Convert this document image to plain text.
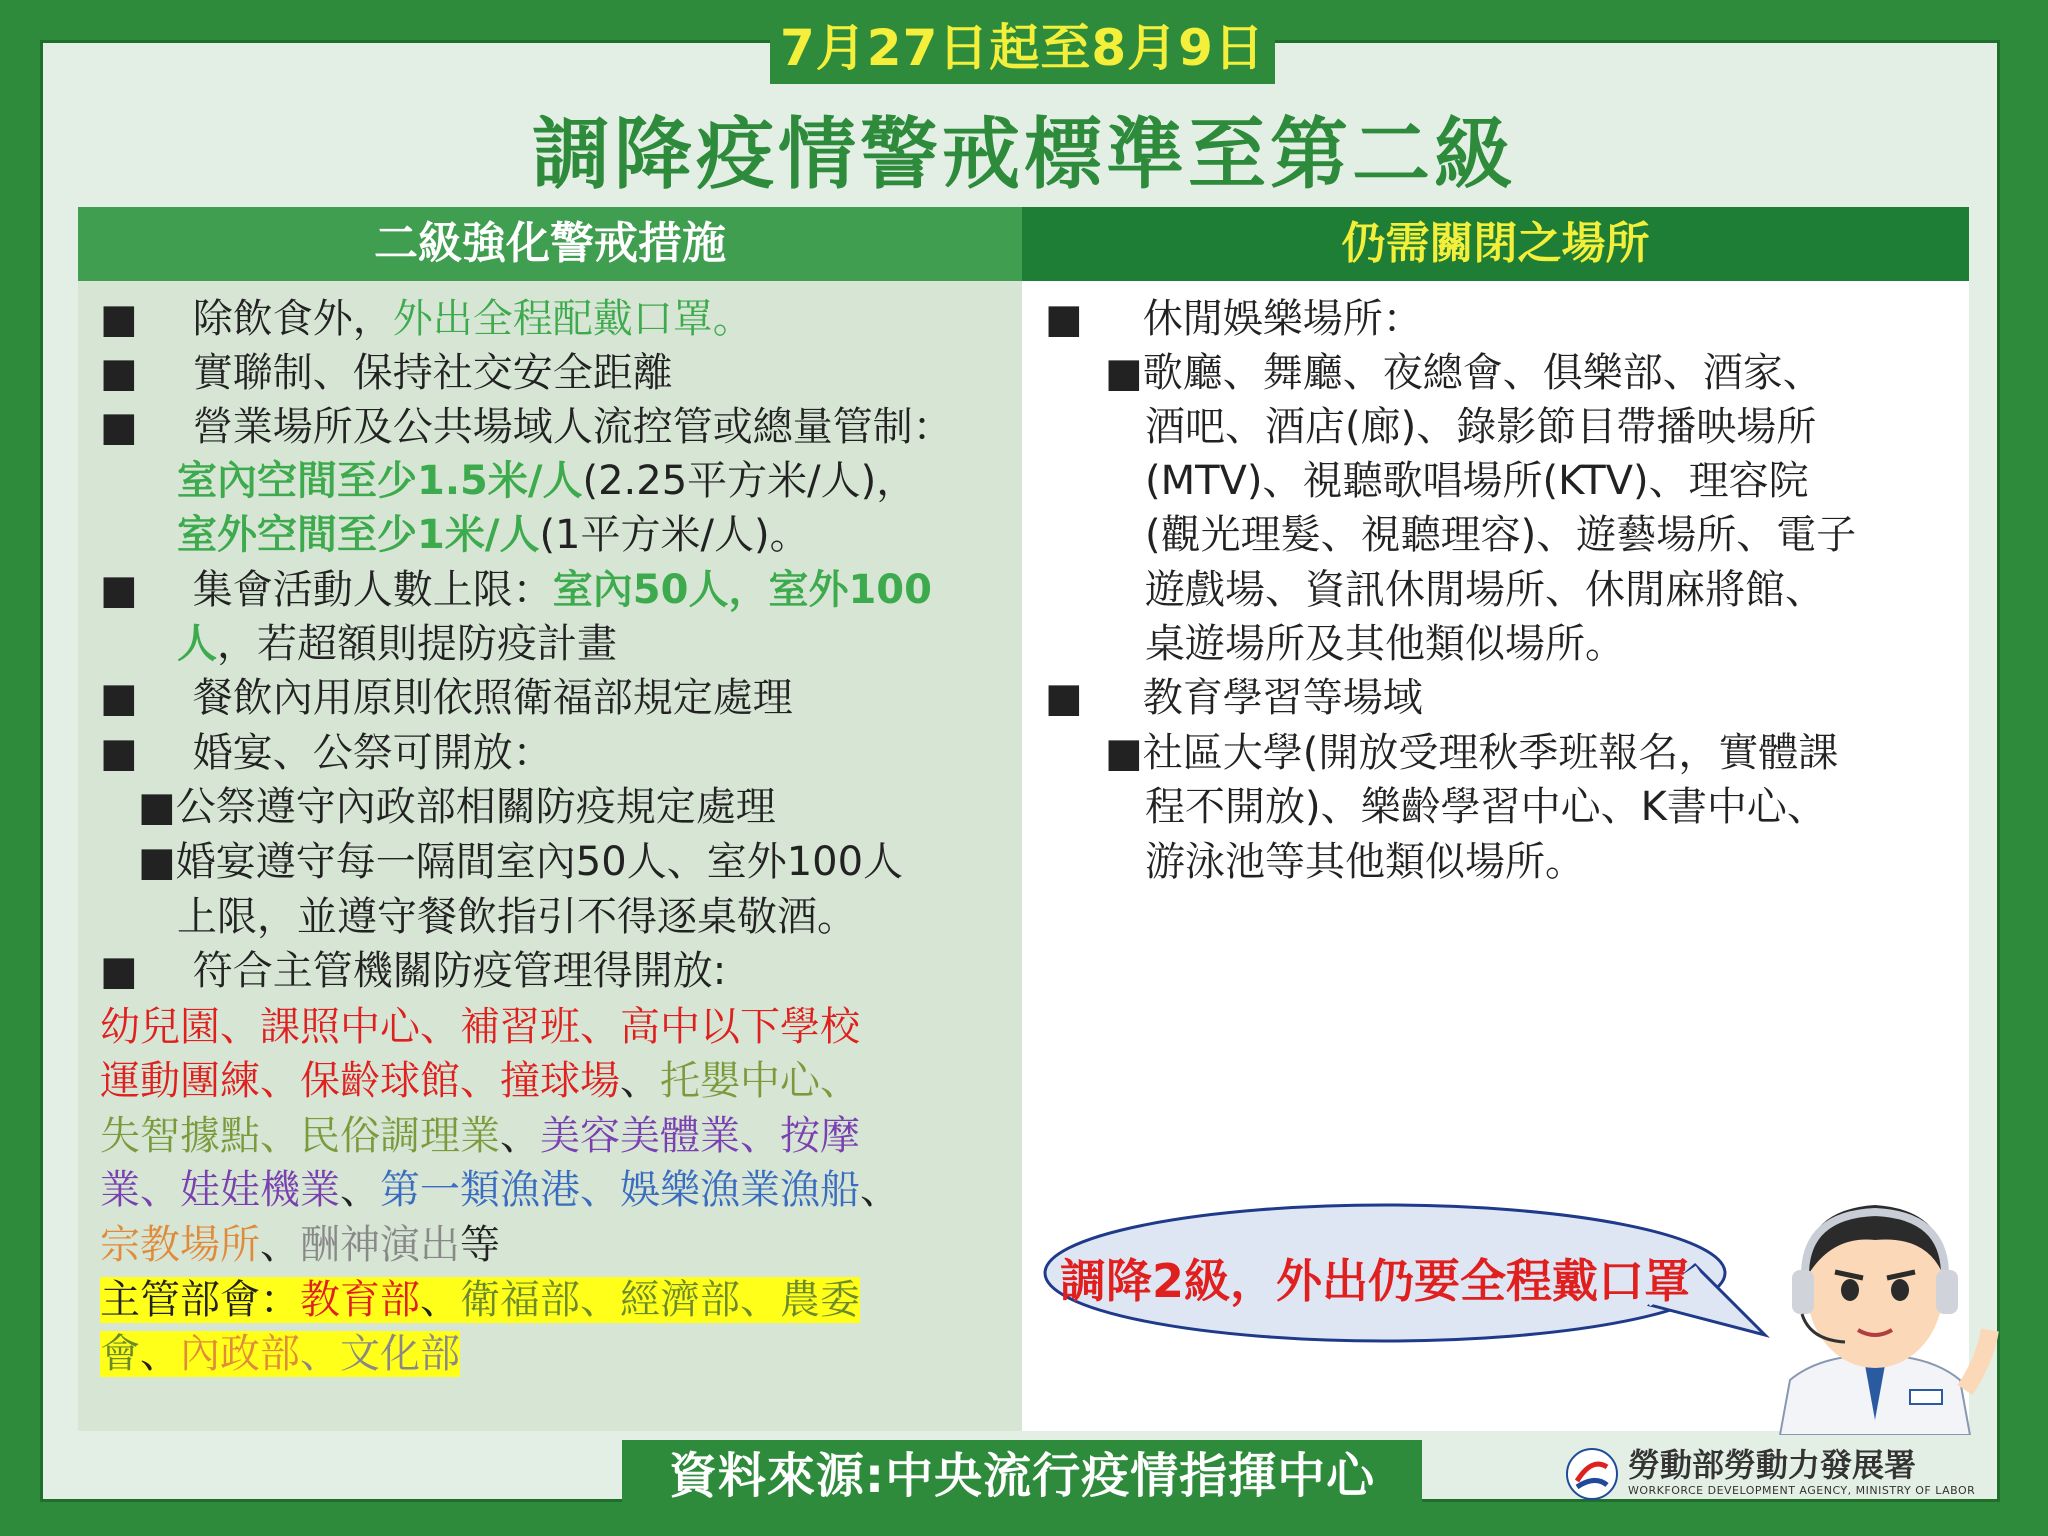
7月27日起至8月9日
調降疫情警戒標準至第二級
二級強化警戒措施	仍需關閉之場所
■ 除飲食外，外出全程配戴口罩。
■ 實聯制、保持社交安全距離
■ 營業場所及公共場域人流控管或總量管制：
室內空間至少1.5米/人(2.25平方米/人)，
室外空間至少1米/人(1平方米/人)。
■ 集會活動人數上限：室內50人，室外100
人，若超額則提防疫計畫
■ 餐飲內用原則依照衛福部規定處理
■ 婚宴、公祭可開放：
■公祭遵守內政部相關防疫規定處理
■婚宴遵守每一隔間室內50人、室外100人
上限，並遵守餐飲指引不得逐桌敬酒。
■ 符合主管機關防疫管理得開放:
幼兒園、課照中心、補習班、高中以下學校
運動團練、保齡球館、撞球場、托嬰中心、
失智據點、民俗調理業、美容美體業、按摩
業、娃娃機業、第一類漁港、娛樂漁業漁船、
宗教場所、酬神演出等
主管部會：教育部、衛福部、經濟部、農委
會、內政部、文化部
■ 休閒娛樂場所：
■歌廳、舞廳、夜總會、俱樂部、酒家、
酒吧、酒店(廊)、錄影節目帶播映場所
(MTV)、視聽歌唱場所(KTV)、理容院
(觀光理髮、視聽理容)、遊藝場所、電子
遊戲場、資訊休閒場所、休閒麻將館、
桌遊場所及其他類似場所。
■ 教育學習等場域
■社區大學(開放受理秋季班報名，實體課
程不開放)、樂齡學習中心、K書中心、
游泳池等其他類似場所。
調降2級，外出仍要全程戴口罩
資料來源:中央流行疫情指揮中心	勞動部勞動力發展署
WORKFORCE DEVELOPMENT AGENCY, MINISTRY OF LABOR
